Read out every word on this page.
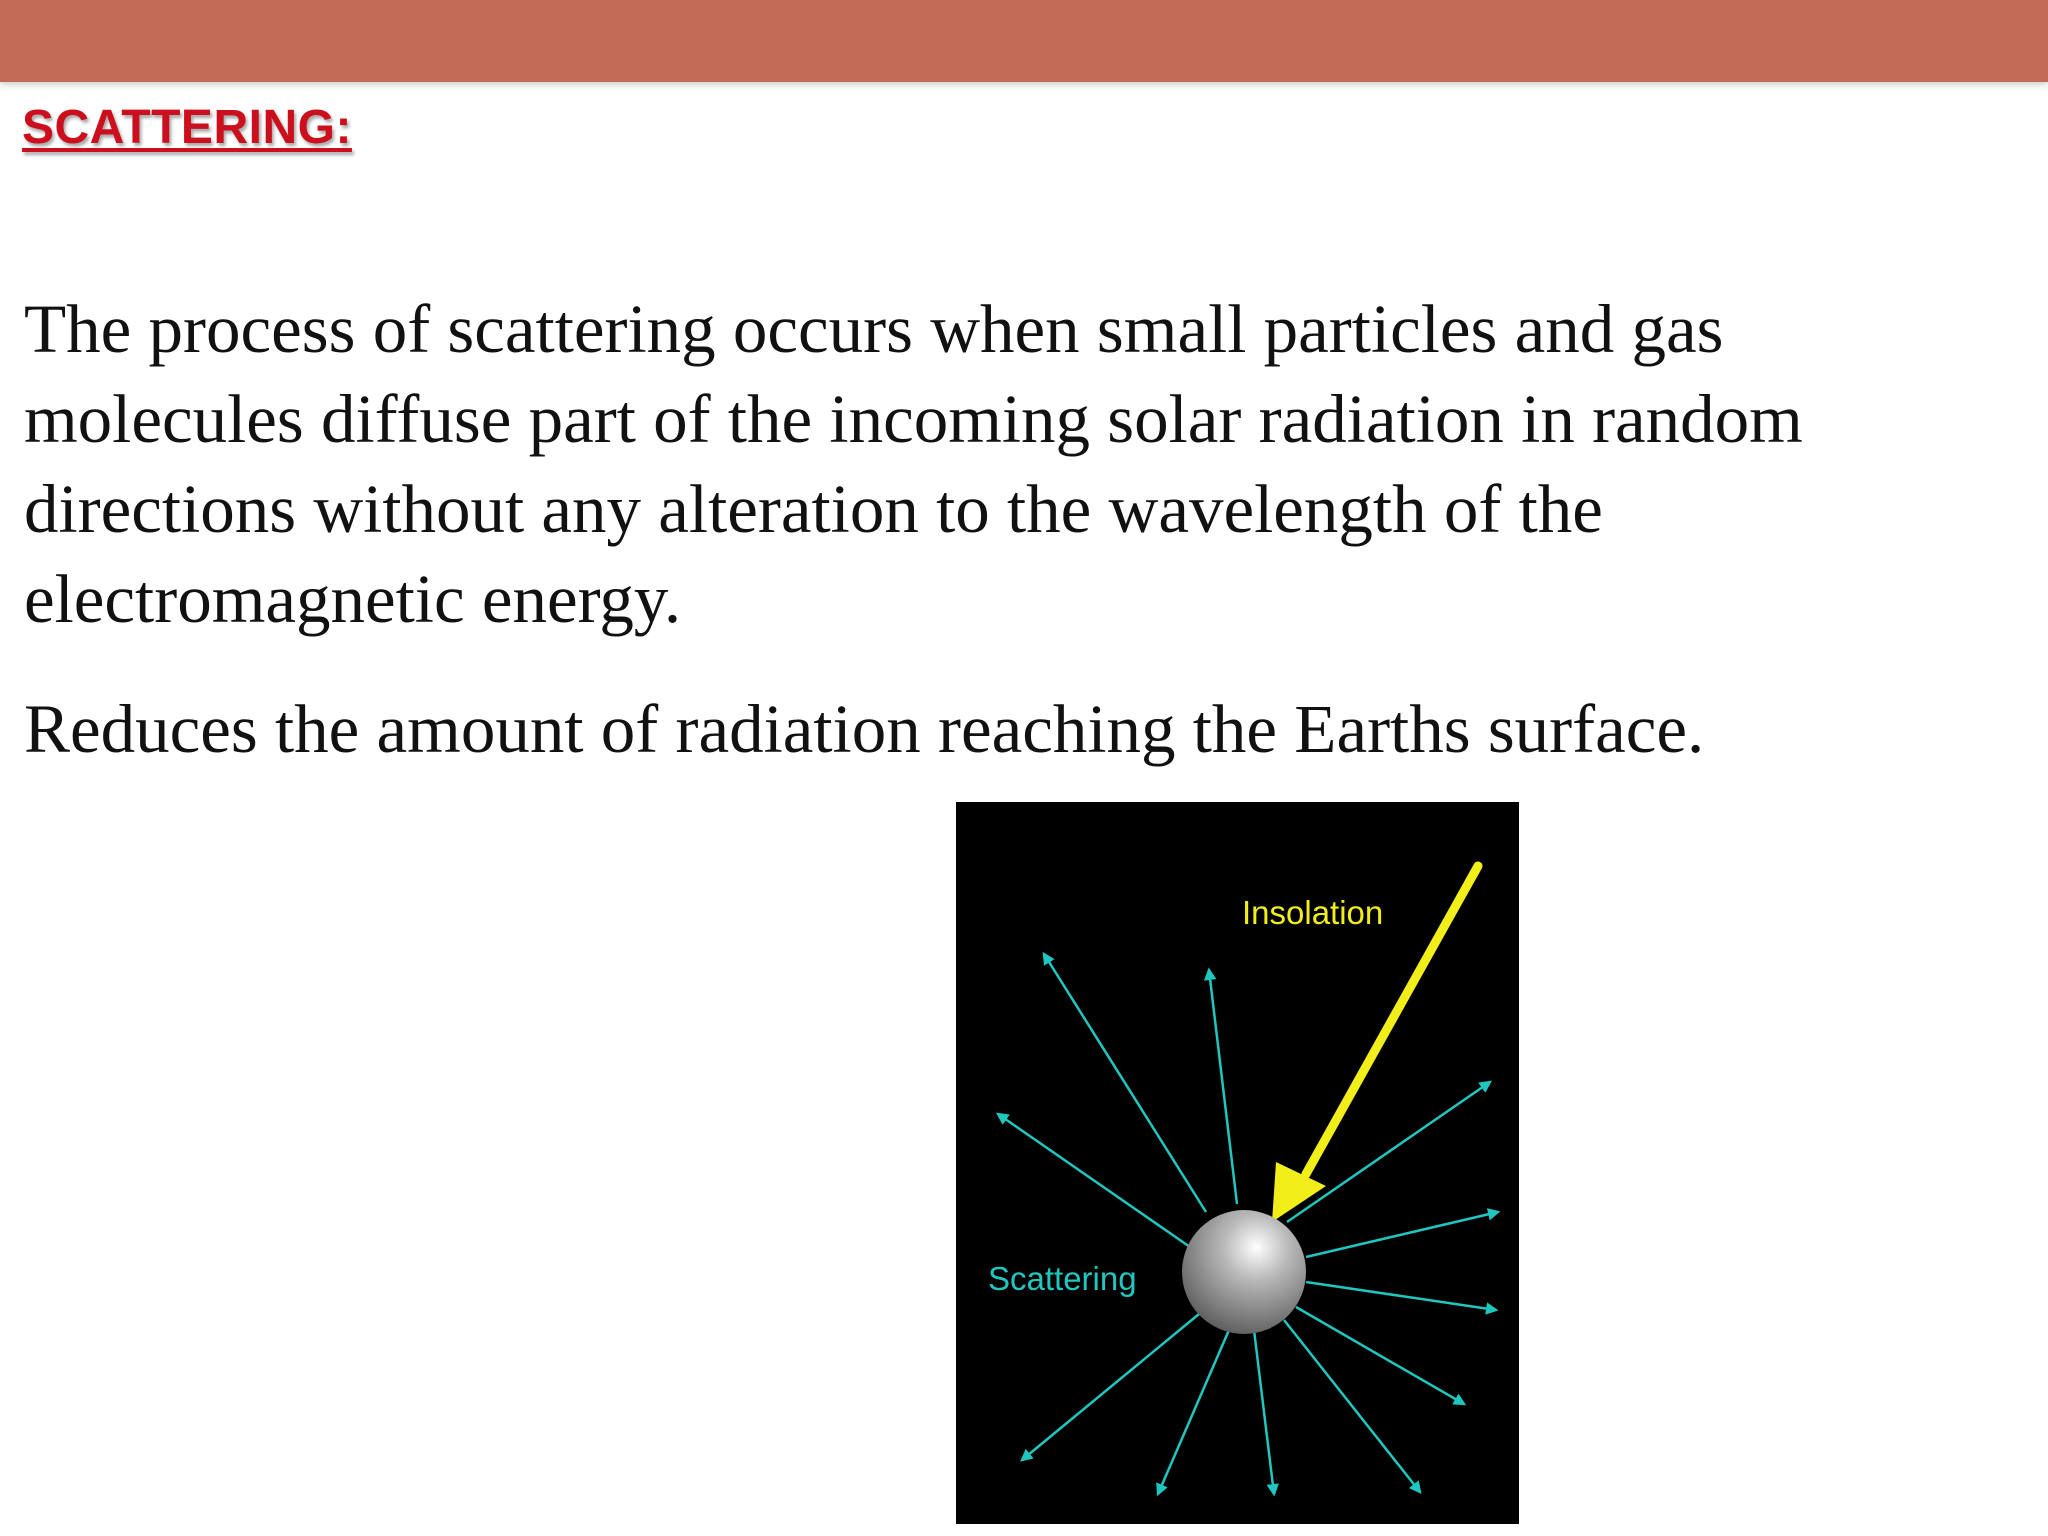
SCATTERING:

The process of scattering occurs when small particles and gas molecules diffuse part of the incoming solar radiation in random directions without any alteration to the wavelength of the electromagnetic energy.

Reduces the amount of radiation reaching the Earths surface.

Insolation
Scattering
